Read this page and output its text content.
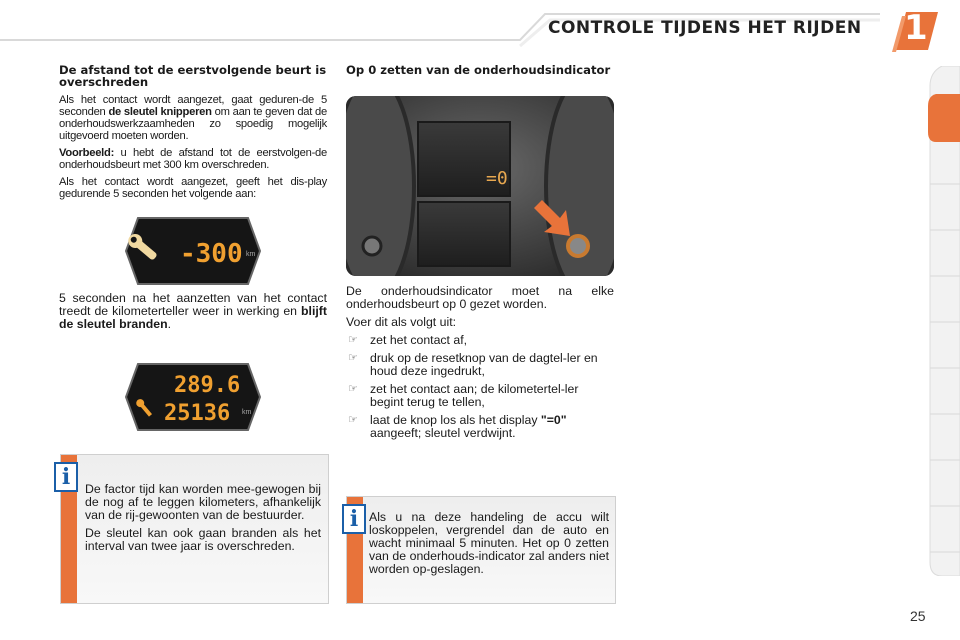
CONTROLE TIJDENS HET RIJDEN 1
De afstand tot de eerstvolgende beurt is overschreden

Als het contact wordt aangezet, gaat geduren-de 5 seconden de sleutel knipperen om aan te geven dat de onderhoudswerkzaamheden zo spoedig mogelijk uitgevoerd moeten worden.

Voorbeeld: u hebt de afstand tot de eerstvolgen-de onderhoudsbeurt met 300 km overschreden.

Als het contact wordt aangezet, geeft het dis-play gedurende 5 seconden het volgende aan:

-300 km

5 seconden na het aanzetten van het contact treedt de kilometerteller weer in werking en blijft de sleutel branden.

289.6
25136 km
Op 0 zetten van de onderhoudsindicator
=0

De onderhoudsindicator moet na elke onderhoudsbeurt op 0 gezet worden.

Voer dit als volgt uit:

☞ zet het contact af,
☞ druk op de resetknop van de dagtel-ler en houd deze ingedrukt,
☞ zet het contact aan; de kilometertel-ler begint terug te tellen,
☞ laat de knop los als het display "=0" aangeeft; sleutel verdwijnt.

De factor tijd kan worden mee-gewogen bij de nog af te leggen kilometers, afhankelijk van de rij-gewoonten van de bestuurder.

De sleutel kan ook gaan branden als het interval van twee jaar is overschreden.

i

Als u na deze handeling de accu wilt loskoppelen, vergrendel dan de auto en wacht minimaal 5 minuten. Het op 0 zetten van de onderhouds-indicator zal anders niet worden op-geslagen.

i
25
